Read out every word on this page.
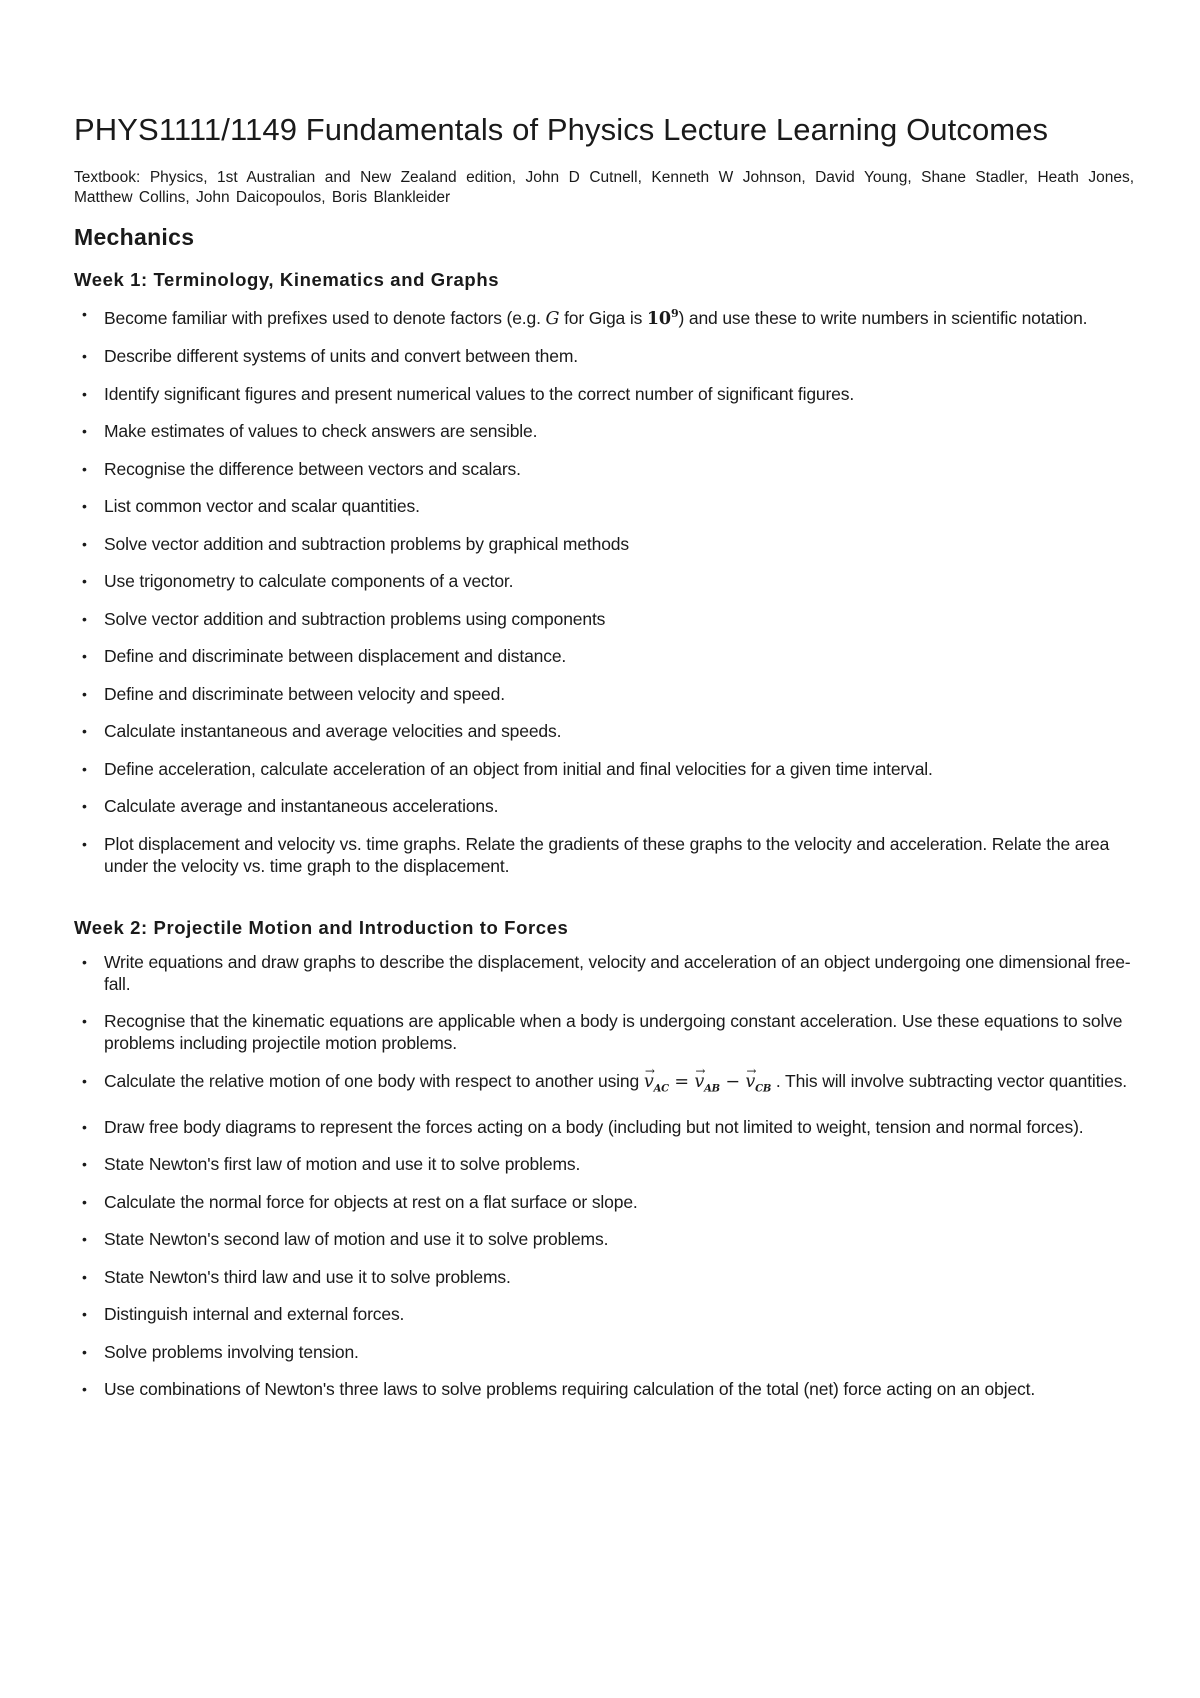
PHYS1111/1149 Fundamentals of Physics Lecture Learning Outcomes

Textbook: Physics, 1st Australian and New Zealand edition, John D Cutnell, Kenneth W Johnson, David Young, Shane Stadler, Heath Jones, Matthew Collins, John Daicopoulos, Boris Blankleider

Mechanics
Week 1: Terminology, Kinematics and Graphs
• Become familiar with prefixes used to denote factors (e.g. G for Giga is $10^9$) and use these to write numbers in scientific notation.
• Describe different systems of units and convert between them.
• Identify significant figures and present numerical values to the correct number of significant figures.
• Make estimates of values to check answers are sensible.
• Recognise the difference between vectors and scalars.
• List common vector and scalar quantities.
• Solve vector addition and subtraction problems by graphical methods
• Use trigonometry to calculate components of a vector.
• Solve vector addition and subtraction problems using components
• Define and discriminate between displacement and distance.
• Define and discriminate between velocity and speed.
• Calculate instantaneous and average velocities and speeds.
• Define acceleration, calculate acceleration of an object from initial and final velocities for a given time interval.
• Calculate average and instantaneous accelerations.
• Plot displacement and velocity vs. time graphs. Relate the gradients of these graphs to the velocity and acceleration. Relate the area under the velocity vs. time graph to the displacement.
Week 2: Projectile Motion and Introduction to Forces
• Write equations and draw graphs to describe the displacement, velocity and acceleration of an object undergoing one dimensional free-fall.
• Recognise that the kinematic equations are applicable when a body is undergoing constant acceleration. Use these equations to solve problems including projectile motion problems.
• Calculate the relative motion of one body with respect to another $using \to v_{AC}$ = → $v_{AB}$ − → $v_{CB}$ . This will involve subtracting vector quantities.
• Draw free body diagrams to represent the forces acting on a body (including but not limited to weight, tension and normal forces).
• State Newton's first law of motion and use it to solve problems.
• Calculate the normal force for objects at rest on a flat surface or slope.
• State Newton's second law of motion and use it to solve problems.
• State Newton's third law and use it to solve problems.
• Distinguish internal and external forces.
• Solve problems involving tension.
• Use combinations of Newton's three laws to solve problems requiring calculation of the total (net) force acting on an object.
